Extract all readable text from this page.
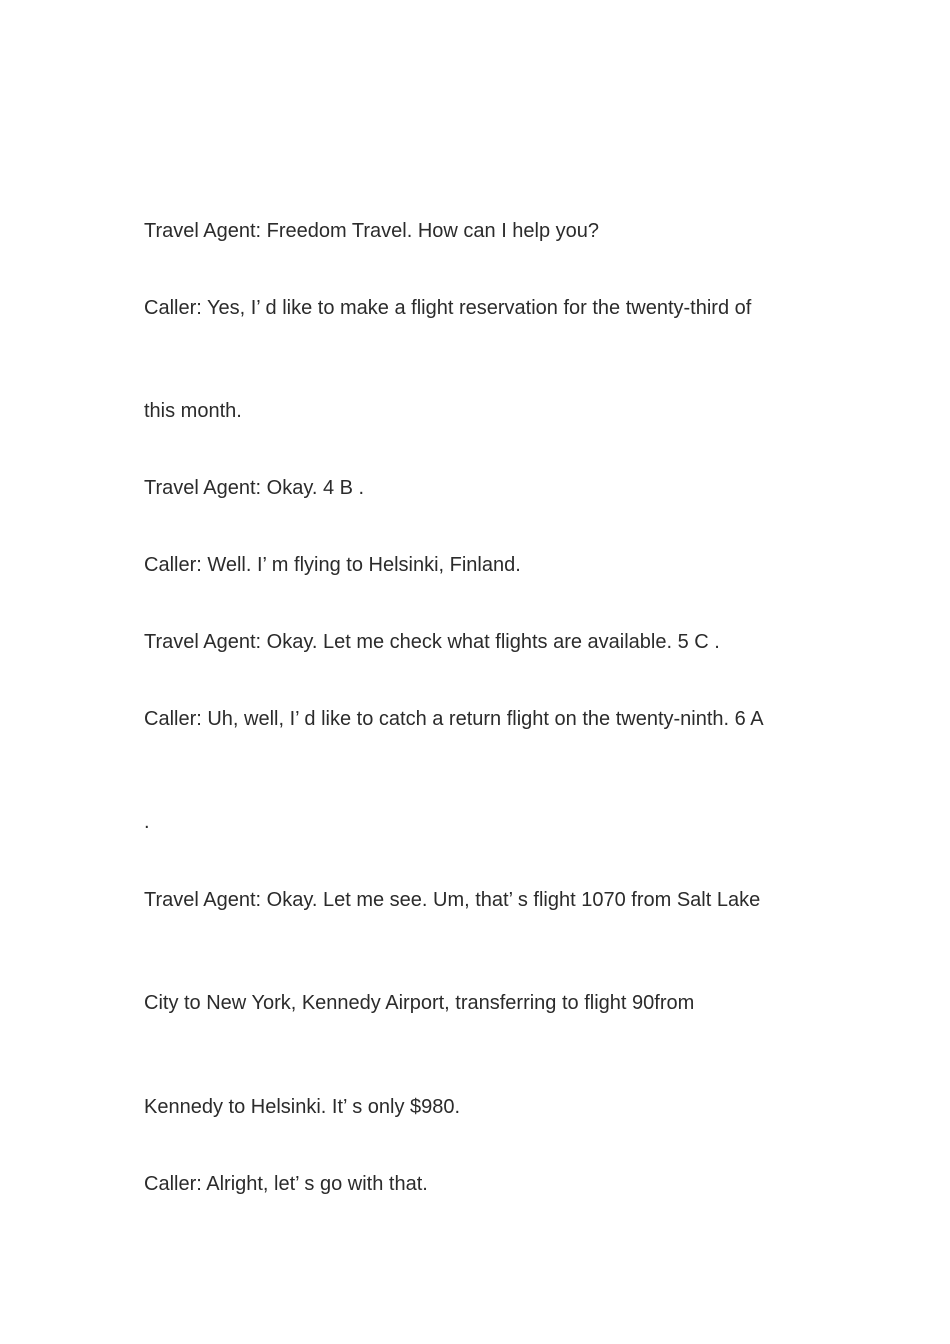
Travel Agent: Freedom Travel. How can I help you?
Caller: Yes, I’ d like to make a flight reservation for the twenty-third of
this month.
Travel Agent: Okay. 4 B .
Caller: Well. I’ m flying to Helsinki, Finland.
Travel Agent: Okay. Let me check what flights are available. 5 C .
Caller: Uh, well, I’ d like to catch a return flight on the twenty-ninth. 6 A
.
Travel Agent: Okay. Let me see. Um, that’ s flight 1070 from Salt Lake
City to New York, Kennedy Airport, transferring to flight 90from
Kennedy to Helsinki. It’ s only $980.
Caller: Alright, let’ s go with that.
